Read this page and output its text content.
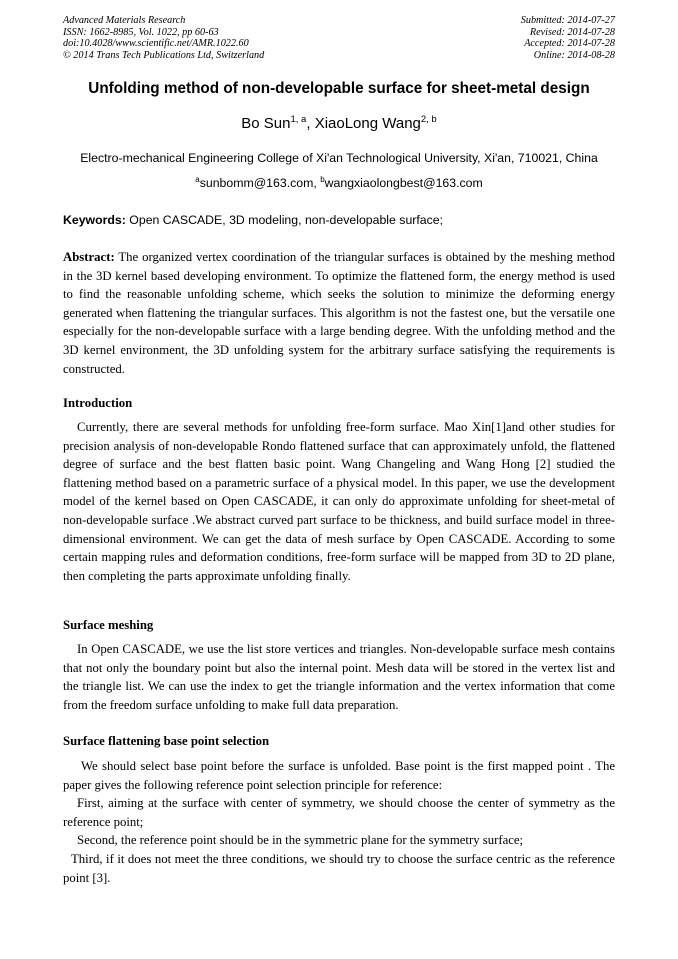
Advanced Materials Research
ISSN: 1662-8985, Vol. 1022, pp 60-63
doi:10.4028/www.scientific.net/AMR.1022.60
© 2014 Trans Tech Publications Ltd, Switzerland
Submitted: 2014-07-27
Revised: 2014-07-28
Accepted: 2014-07-28
Online: 2014-08-28
Unfolding method of non-developable surface for sheet-metal design
Bo Sun$^{1, a}$, XiaoLong Wang$^{2, b}$
Electro-mechanical Engineering College of Xi'an Technological University, Xi'an, 710021, China
$^a$sunbomm@163.com, $^b$wangxiaolongbest@163.com
Keywords: Open CASCADE, 3D modeling, non-developable surface;
Abstract: The organized vertex coordination of the triangular surfaces is obtained by the meshing method in the 3D kernel based developing environment. To optimize the flattened form, the energy method is used to find the reasonable unfolding scheme, which seeks the solution to minimize the deforming energy generated when flattening the triangular surfaces. This algorithm is not the fastest one, but the versatile one especially for the non-developable surface with a large bending degree. With the unfolding method and the 3D kernel environment, the 3D unfolding system for the arbitrary surface satisfying the requirements is constructed.
Introduction
Currently, there are several methods for unfolding free-form surface. Mao Xin[1]and other studies for precision analysis of non-developable Rondo flattened surface that can approximately unfold, the flattened degree of surface and the best flatten basic point. Wang Changeling and Wang Hong [2] studied the flattening method based on a parametric surface of a physical model. In this paper, we use the development model of the kernel based on Open CASCADE, it can only do approximate unfolding for sheet-metal of non-developable surface .We abstract curved part surface to be thickness, and build surface model in three-dimensional environment. We can get the data of mesh surface by Open CASCADE. According to some certain mapping rules and deformation conditions, free-form surface will be mapped from 3D to 2D plane, then completing the parts approximate unfolding finally.
Surface meshing
In Open CASCADE, we use the list store vertices and triangles. Non-developable surface mesh contains that not only the boundary point but also the internal point. Mesh data will be stored in the vertex list and the triangle list. We can use the index to get the triangle information and the vertex information that come from the freedom surface unfolding to make full data preparation.
Surface flattening base point selection
We should select base point before the surface is unfolded. Base point is the first mapped point . The paper gives the following reference point selection principle for reference:
First, aiming at the surface with center of symmetry, we should choose the center of symmetry as the reference point;
Second, the reference point should be in the symmetric plane for the symmetry surface;
Third, if it does not meet the three conditions, we should try to choose the surface centric as the reference point [3].
